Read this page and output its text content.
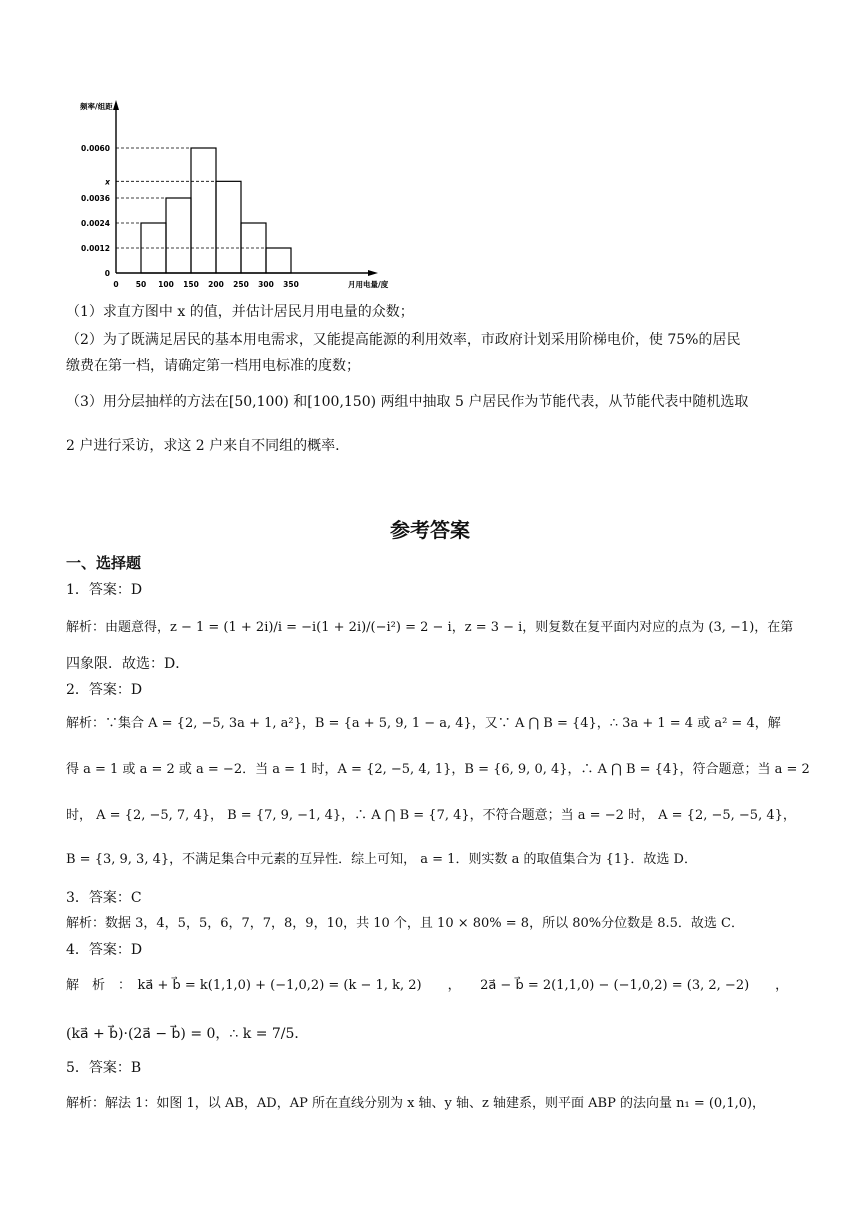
频率/组距
月用电量/度
0.0060
x
0.0036
0.0024
0.0012
0
0 50 100 150 200 250 300 350
（1）求直方图中 x 的值，并估计居民月用电量的众数；
（2）为了既满足居民的基本用电需求，又能提高能源的利用效率，市政府计划采用阶梯电价，使 75%的居民
缴费在第一档，请确定第一档用电标准的度数；
（3）用分层抽样的方法在[50,100) 和[100,150) 两组中抽取 5 户居民作为节能代表，从节能代表中随机选取
2 户进行采访，求这 2 户来自不同组的概率.
参考答案
一、选择题
1．答案：D
解析：由题意得，z − 1 = (1 + 2i)/i = −i(1 + 2i)/(−i²) = 2 − i，z = 3 − i，则复数在复平面内对应的点为 (3, −1)，在第
四象限．故选：D．
2．答案：D
解析：∵集合 A = {2, −5, 3a + 1, a²}，B = {a + 5, 9, 1 − a, 4}，又∵ A ⋂ B = {4}，∴ 3a + 1 = 4 或 a² = 4，解
得 a = 1 或 a = 2 或 a = −2．当 a = 1 时，A = {2, −5, 4, 1}，B = {6, 9, 0, 4}，∴ A ⋂ B = {4}，符合题意；当 a = 2
时， A = {2, −5, 7, 4}， B = {7, 9, −1, 4}，∴ A ⋂ B = {7, 4}，不符合题意；当 a = −2 时， A = {2, −5, −5, 4}，
B = {3, 9, 3, 4}，不满足集合中元素的互异性．综上可知， a = 1．则实数 a 的取值集合为 {1}．故选 D．
3．答案：C
解析：数据 3，4，5，5，6，7，7，8，9，10，共 10 个，且 10 × 80% = 8，所以 80%分位数是 8.5．故选 C．
4．答案：D
解　析　：　ka⃗ + b⃗ = k(1,1,0) + (−1,0,2) = (k − 1, k, 2)　　，　　2a⃗ − b⃗ = 2(1,1,0) − (−1,0,2) = (3, 2, −2)　　，
(ka⃗ + b⃗)·(2a⃗ − b⃗) = 0，∴ k = 7/5．
5．答案：B
解析：解法 1：如图 1，以 AB，AD，AP 所在直线分别为 x 轴、y 轴、z 轴建系，则平面 ABP 的法向量 n₁ = (0,1,0)，
